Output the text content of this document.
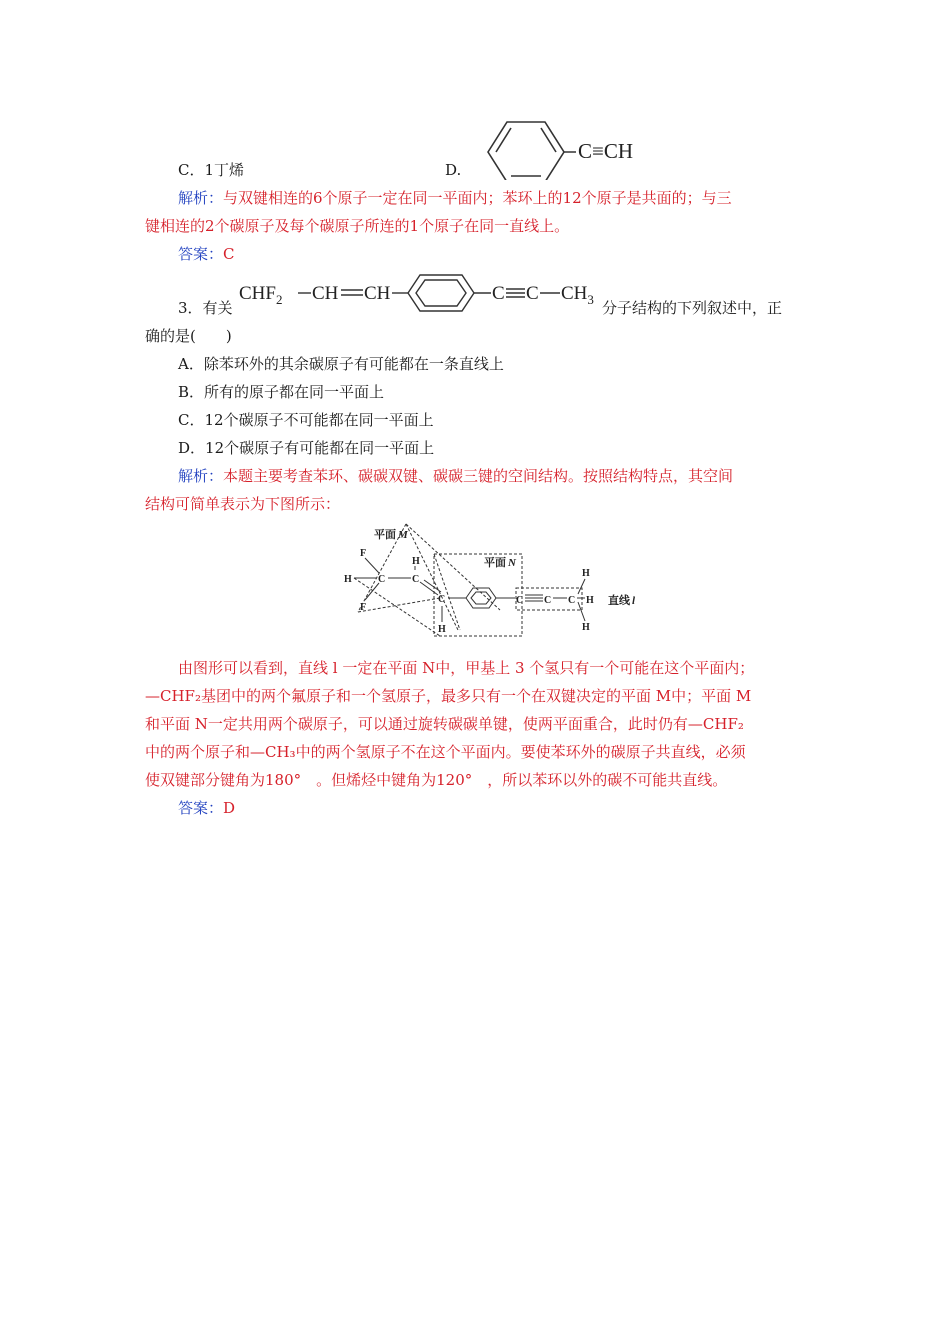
C．1丁烯	D.
C≡CH
解析：与双键相连的6个原子一定在同一平面内；苯环上的12个原子是共面的；与三
键相连的2个碳原子及每个碳原子所连的1个原子在同一直线上。
答案：C
3．有关
$CHF_2$ CH CH	C C $CH_3$ 分子结构的下列叙述中，正
确的是(　　)
A．除苯环外的其余碳原子有可能都在一条直线上
B．所有的原子都在同一平面上
C．12个碳原子不可能都在同一平面上
D．12个碳原子有可能都在同一平面上
解析：本题主要考查苯环、碳碳双键、碳碳三键的空间结构。按照结构特点，其空间
结构可简单表示为下图所示：
平面 M
平面 N
直线 l
F
H	C
F
H
C
C
H
C C C
H
H
H
由图形可以看到，直线 l 一定在平面 N中，甲基上 3 个氢只有一个可能在这个平面内；
—CHF₂基团中的两个氟原子和一个氢原子，最多只有一个在双键决定的平面 M中；平面 M
和平面 N一定共用两个碳原子，可以通过旋转碳碳单键，使两平面重合，此时仍有—CHF₂
中的两个原子和—CH₃中的两个氢原子不在这个平面内。要使苯环外的碳原子共直线，必须
使双键部分键角为180°　。但烯烃中键角为120°　，所以苯环以外的碳不可能共直线。
答案：D
